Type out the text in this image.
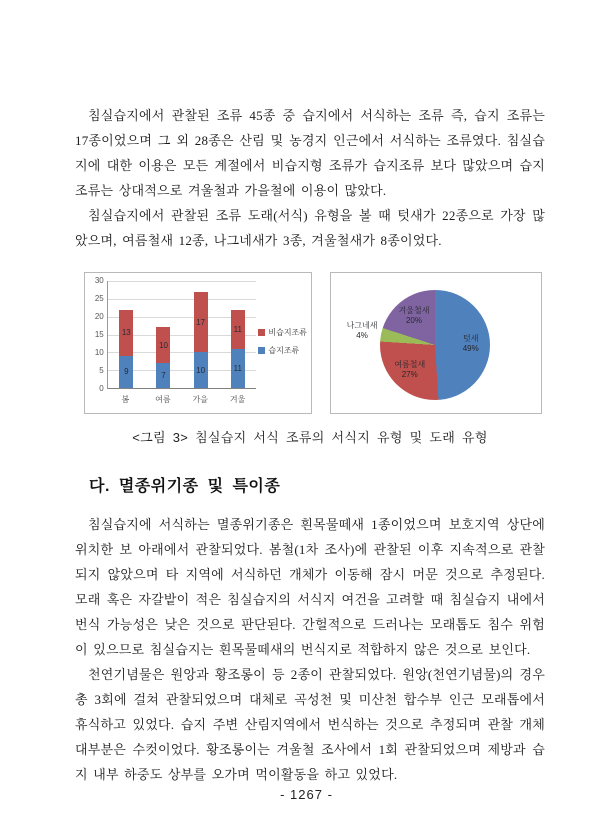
침실습지에서 관찰된 조류 45종 중 습지에서 서식하는 조류 즉, 습지 조류는 17종이었으며 그 외 28종은 산림 및 농경지 인근에서 서식하는 조류였다. 침실습지에 대한 이용은 모든 계절에서 비습지형 조류가 습지조류 보다 많았으며 습지조류는 상대적으로 겨울철과 가을철에 이용이 많았다.

침실습지에서 관찰된 조류 도래(서식) 유형을 볼 때 텃새가 22종으로 가장 많았으며, 여름철새 12종, 나그네새가 3종, 겨울철새가 8종이었다.

0
5
10
15
20
25
30
13
9
10
7
17
10
11
11
봄	여름	가을	겨울
비습지조류
습지조류
텃새
49%
여름철새
27%
나그네새
4%
겨울철새
20%
<그림 3> 침실습지 서식 조류의 서식지 유형 및 도래 유형
다. 멸종위기종 및 특이종

침실습지에 서식하는 멸종위기종은 흰목물떼새 1종이었으며 보호지역 상단에 위치한 보 아래에서 관찰되었다. 봄철(1차 조사)에 관찰된 이후 지속적으로 관찰되지 않았으며 타 지역에 서식하던 개체가 이동해 잠시 머문 것으로 추정된다. 모래 혹은 자갈밭이 적은 침실습지의 서식지 여건을 고려할 때 침실습지 내에서 번식 가능성은 낮은 것으로 판단된다. 간헐적으로 드러나는 모래톱도 침수 위험이 있으므로 침실습지는 흰목물떼새의 번식지로 적합하지 않은 것으로 보인다.

천연기념물은 원앙과 황조롱이 등 2종이 관찰되었다. 원앙(천연기념물)의 경우 총 3회에 걸쳐 관찰되었으며 대체로 곡성천 및 미산천 합수부 인근 모래톱에서 휴식하고 있었다. 습지 주변 산림지역에서 번식하는 것으로 추정되며 관찰 개체 대부분은 수컷이었다. 황조롱이는 겨울철 조사에서 1회 관찰되었으며 제방과 습지 내부 하중도 상부를 오가며 먹이활동을 하고 있었다.

- 1267 -
